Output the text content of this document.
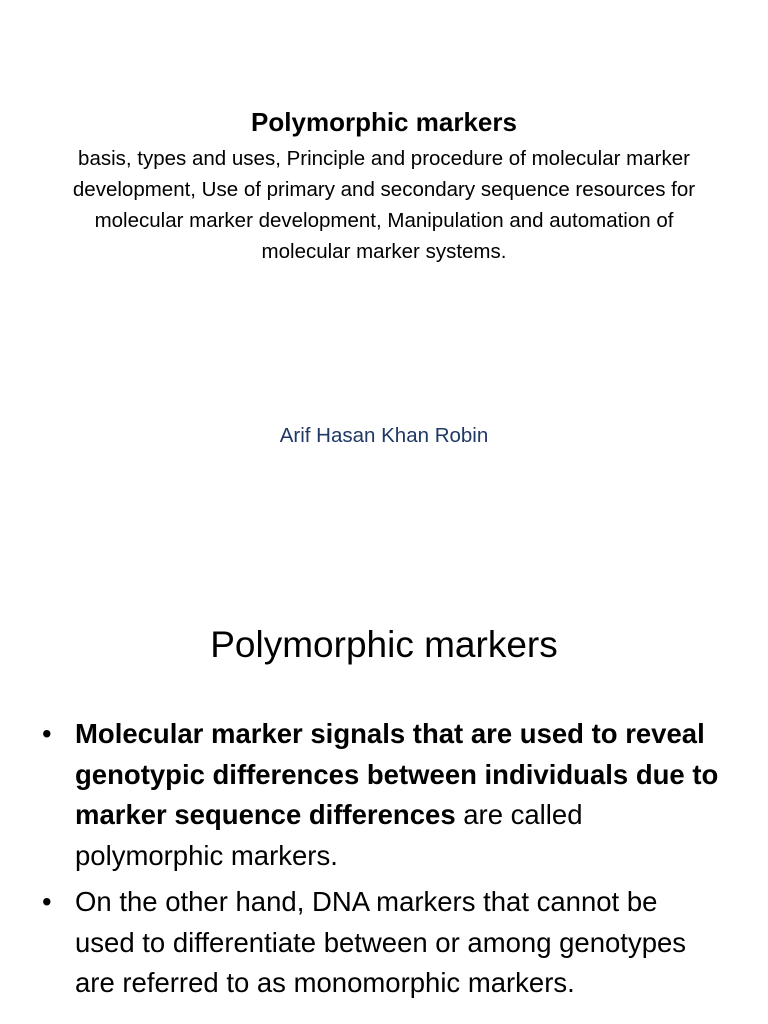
Polymorphic markers
basis, types and uses, Principle and procedure of molecular marker development, Use of primary and secondary sequence resources for molecular marker development, Manipulation and automation of molecular marker systems.
Arif Hasan Khan Robin
Polymorphic markers
• Molecular marker signals that are used to reveal genotypic differences between individuals due to marker sequence differences are called polymorphic markers.
• On the other hand, DNA markers that cannot be used to differentiate between or among genotypes are referred to as monomorphic markers.
